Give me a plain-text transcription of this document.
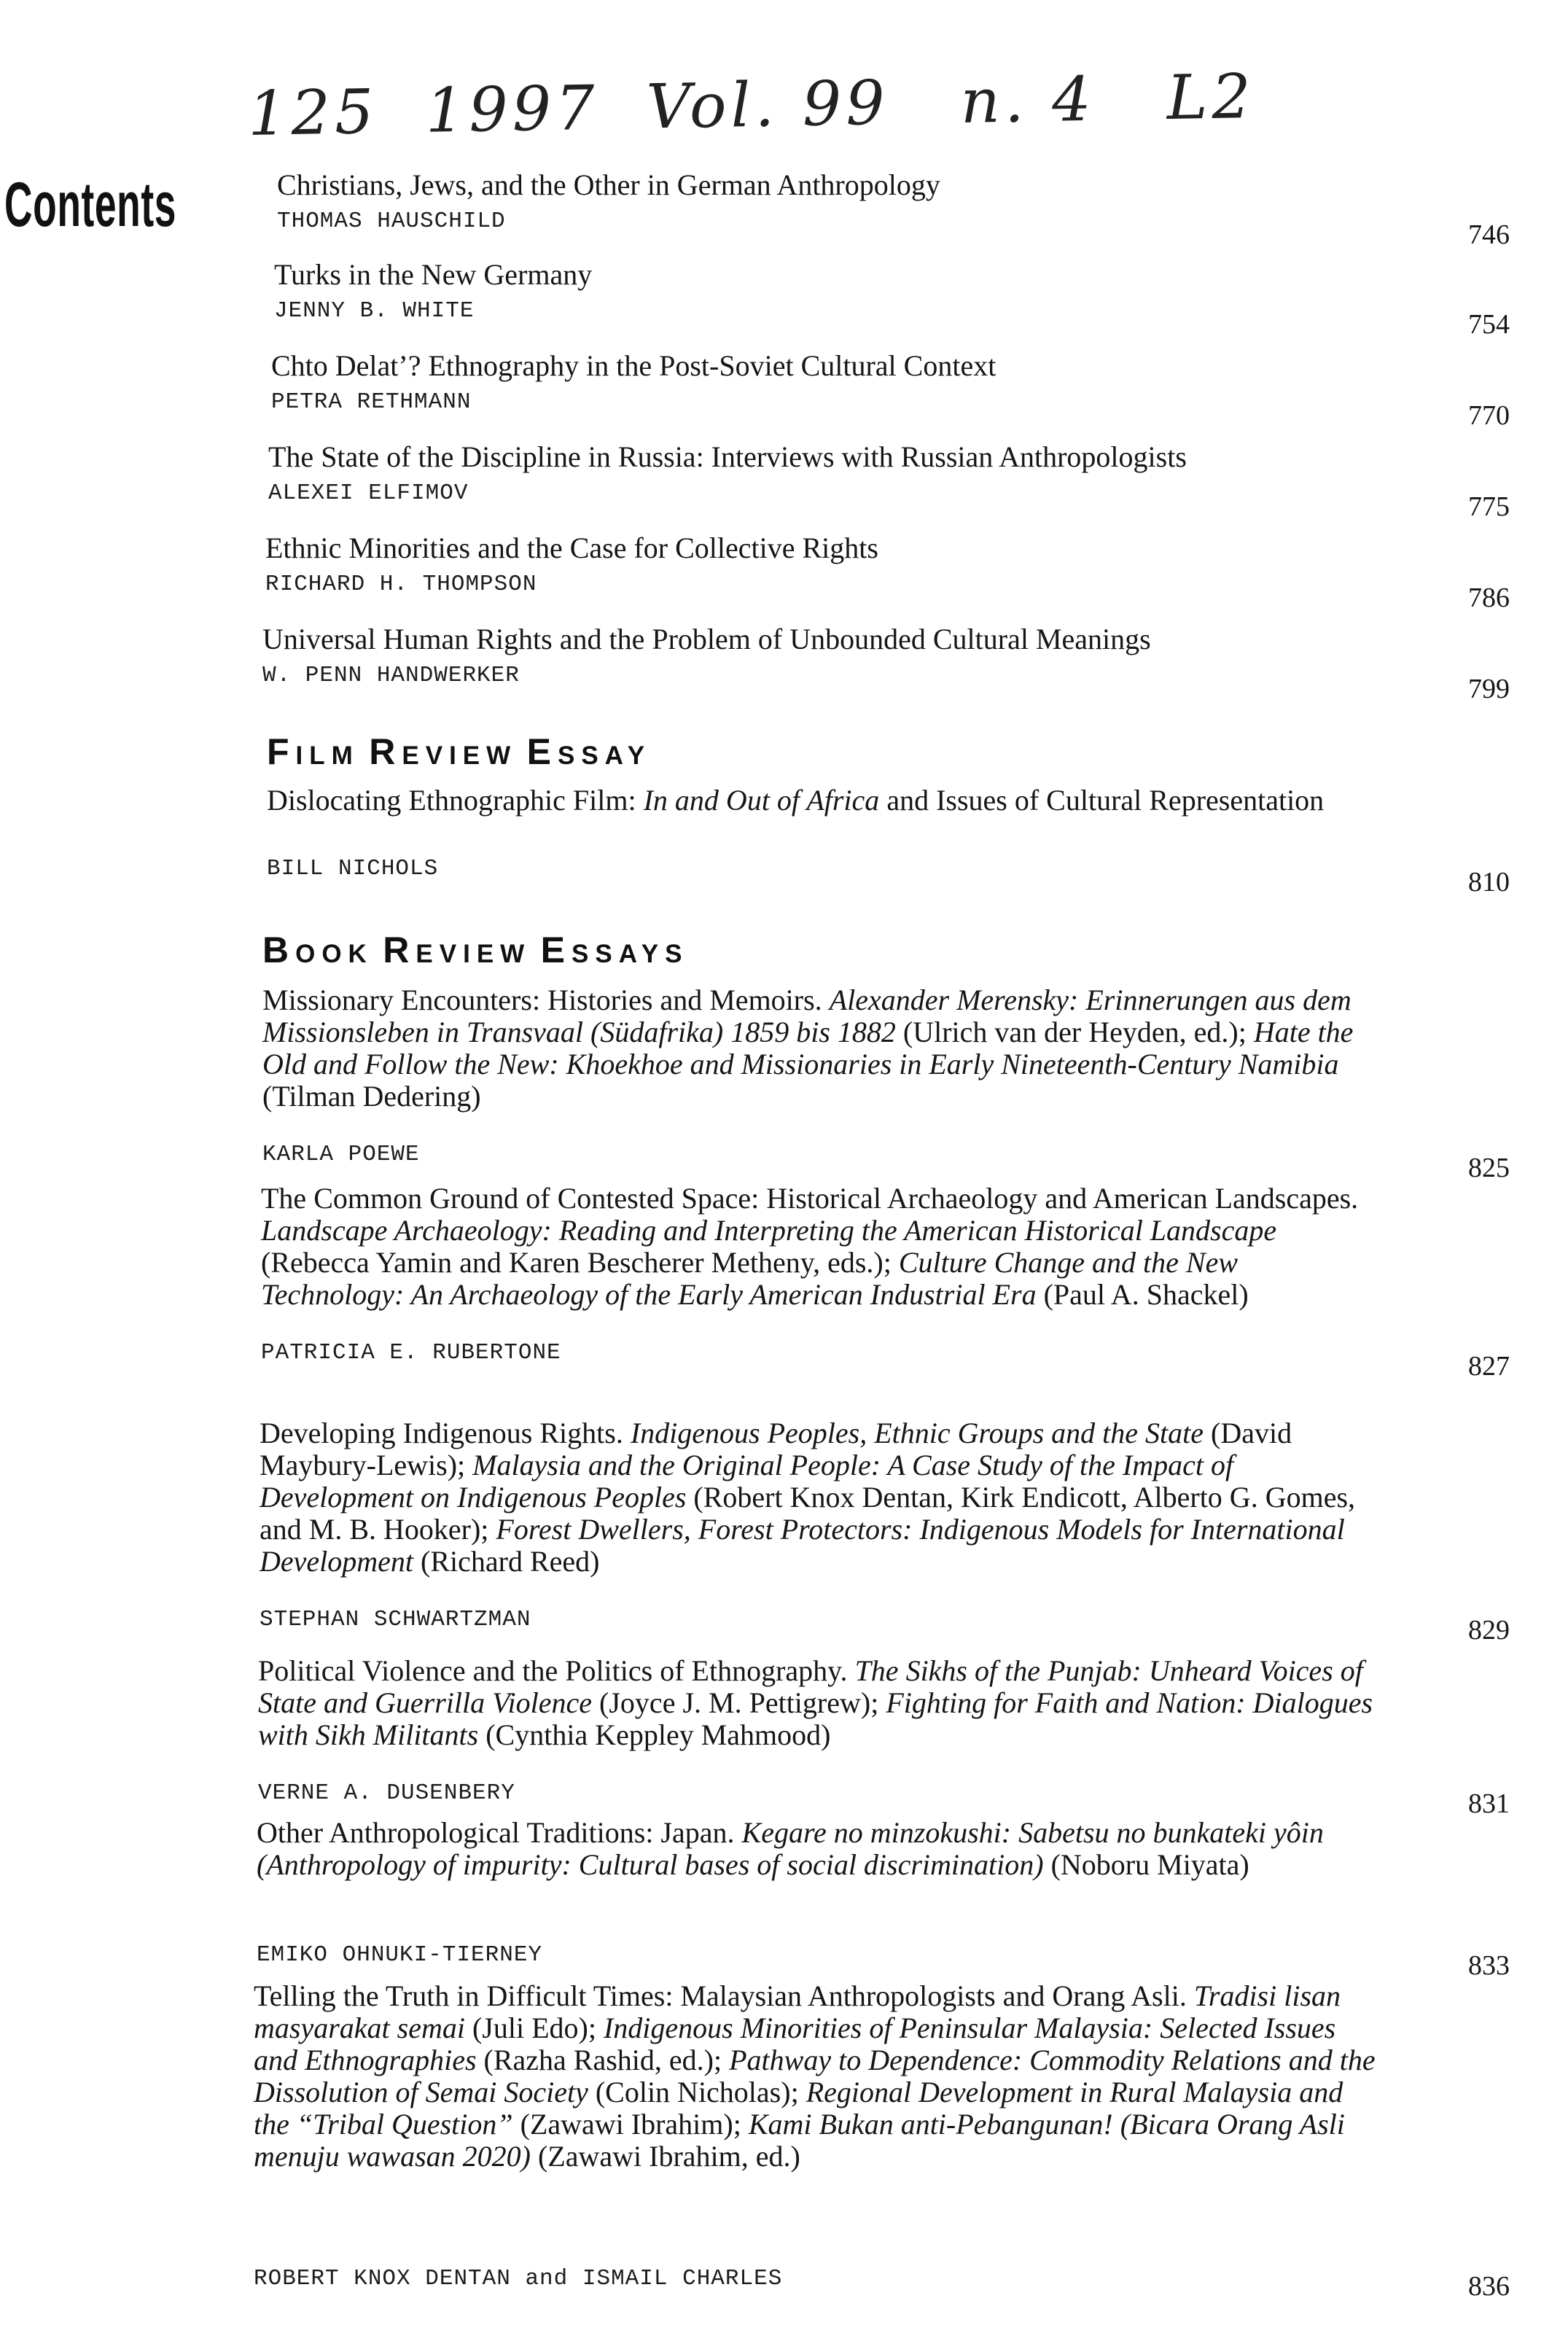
125  1997  Vol. 99   n. 4   L2
Contents
FILM REVIEW ESSAY
BOOK REVIEW ESSAYS
Christians, Jews, and the Other in German Anthropology
THOMAS HAUSCHILD	746
Turks in the New Germany
JENNY B. WHITE	754
Chto Delat’? Ethnography in the Post-Soviet Cultural Context
PETRA RETHMANN	770
The State of the Discipline in Russia: Interviews with Russian Anthropologists
ALEXEI ELFIMOV	775
Ethnic Minorities and the Case for Collective Rights
RICHARD H. THOMPSON	786
Universal Human Rights and the Problem of Unbounded Cultural Meanings
W. PENN HANDWERKER	799
Dislocating Ethnographic Film: In and Out of Africa and Issues of Cultural Representation
BILL NICHOLS	810
Missionary Encounters: Histories and Memoirs. Alexander Merensky: Erinnerungen aus dem Missionsleben in Transvaal (Südafrika) 1859 bis 1882 (Ulrich van der Heyden, ed.); Hate the Old and Follow the New: Khoekhoe and Missionaries in Early Nineteenth-Century Namibia (Tilman Dedering)
KARLA POEWE	825
The Common Ground of Contested Space: Historical Archaeology and American Landscapes. Landscape Archaeology: Reading and Interpreting the American Historical Landscape (Rebecca Yamin and Karen Bescherer Metheny, eds.); Culture Change and the New Technology: An Archaeology of the Early American Industrial Era (Paul A. Shackel)
PATRICIA E. RUBERTONE	827
Developing Indigenous Rights. Indigenous Peoples, Ethnic Groups and the State (David Maybury-Lewis); Malaysia and the Original People: A Case Study of the Impact of Development on Indigenous Peoples (Robert Knox Dentan, Kirk Endicott, Alberto G. Gomes, and M. B. Hooker); Forest Dwellers, Forest Protectors: Indigenous Models for International Development (Richard Reed)
STEPHAN SCHWARTZMAN	829
Political Violence and the Politics of Ethnography. The Sikhs of the Punjab: Unheard Voices of State and Guerrilla Violence (Joyce J. M. Pettigrew); Fighting for Faith and Nation: Dialogues with Sikh Militants (Cynthia Keppley Mahmood)
VERNE A. DUSENBERY	831
Other Anthropological Traditions: Japan. Kegare no minzokushi: Sabetsu no bunkateki yôin (Anthropology of impurity: Cultural bases of social discrimination) (Noboru Miyata)
EMIKO OHNUKI-TIERNEY	833
Telling the Truth in Difficult Times: Malaysian Anthropologists and Orang Asli. Tradisi lisan masyarakat semai (Juli Edo); Indigenous Minorities of Peninsular Malaysia: Selected Issues and Ethnographies (Razha Rashid, ed.); Pathway to Dependence: Commodity Relations and the Dissolution of Semai Society (Colin Nicholas); Regional Development in Rural Malaysia and the “Tribal Question” (Zawawi Ibrahim); Kami Bukan anti-Pebangunan! (Bicara Orang Asli menuju wawasan 2020) (Zawawi Ibrahim, ed.)
ROBERT KNOX DENTAN and ISMAIL CHARLES	836
